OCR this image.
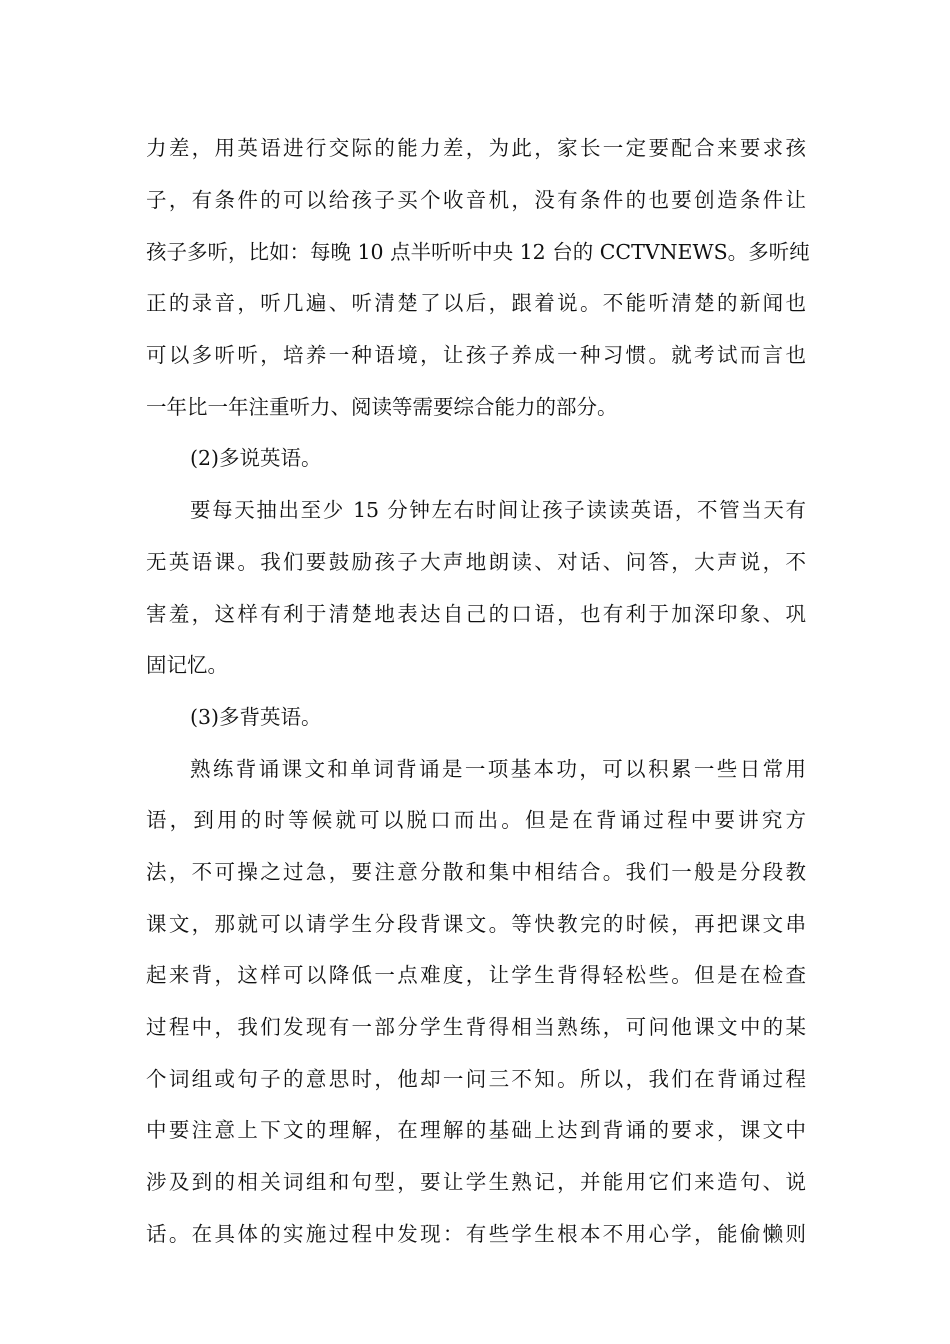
力差，用英语进行交际的能力差，为此，家长一定要配合来要求孩
子，有条件的可以给孩子买个收音机，没有条件的也要创造条件让
孩子多听，比如：每晚 10 点半听听中央 12 台的 CCTVNEWS。多听纯
正的录音，听几遍、听清楚了以后，跟着说。不能听清楚的新闻也
可以多听听，培养一种语境，让孩子养成一种习惯。就考试而言也
一年比一年注重听力、阅读等需要综合能力的部分。
(2)多说英语。
要每天抽出至少 15 分钟左右时间让孩子读读英语，不管当天有
无英语课。我们要鼓励孩子大声地朗读、对话、问答，大声说，不
害羞，这样有利于清楚地表达自己的口语，也有利于加深印象、巩
固记忆。
(3)多背英语。
熟练背诵课文和单词背诵是一项基本功，可以积累一些日常用
语，到用的时等候就可以脱口而出。但是在背诵过程中要讲究方
法，不可操之过急，要注意分散和集中相结合。我们一般是分段教
课文，那就可以请学生分段背课文。等快教完的时候，再把课文串
起来背，这样可以降低一点难度，让学生背得轻松些。但是在检查
过程中，我们发现有一部分学生背得相当熟练，可问他课文中的某
个词组或句子的意思时，他却一问三不知。所以，我们在背诵过程
中要注意上下文的理解，在理解的基础上达到背诵的要求，课文中
涉及到的相关词组和句型，要让学生熟记，并能用它们来造句、说
话。在具体的实施过程中发现：有些学生根本不用心学，能偷懒则
